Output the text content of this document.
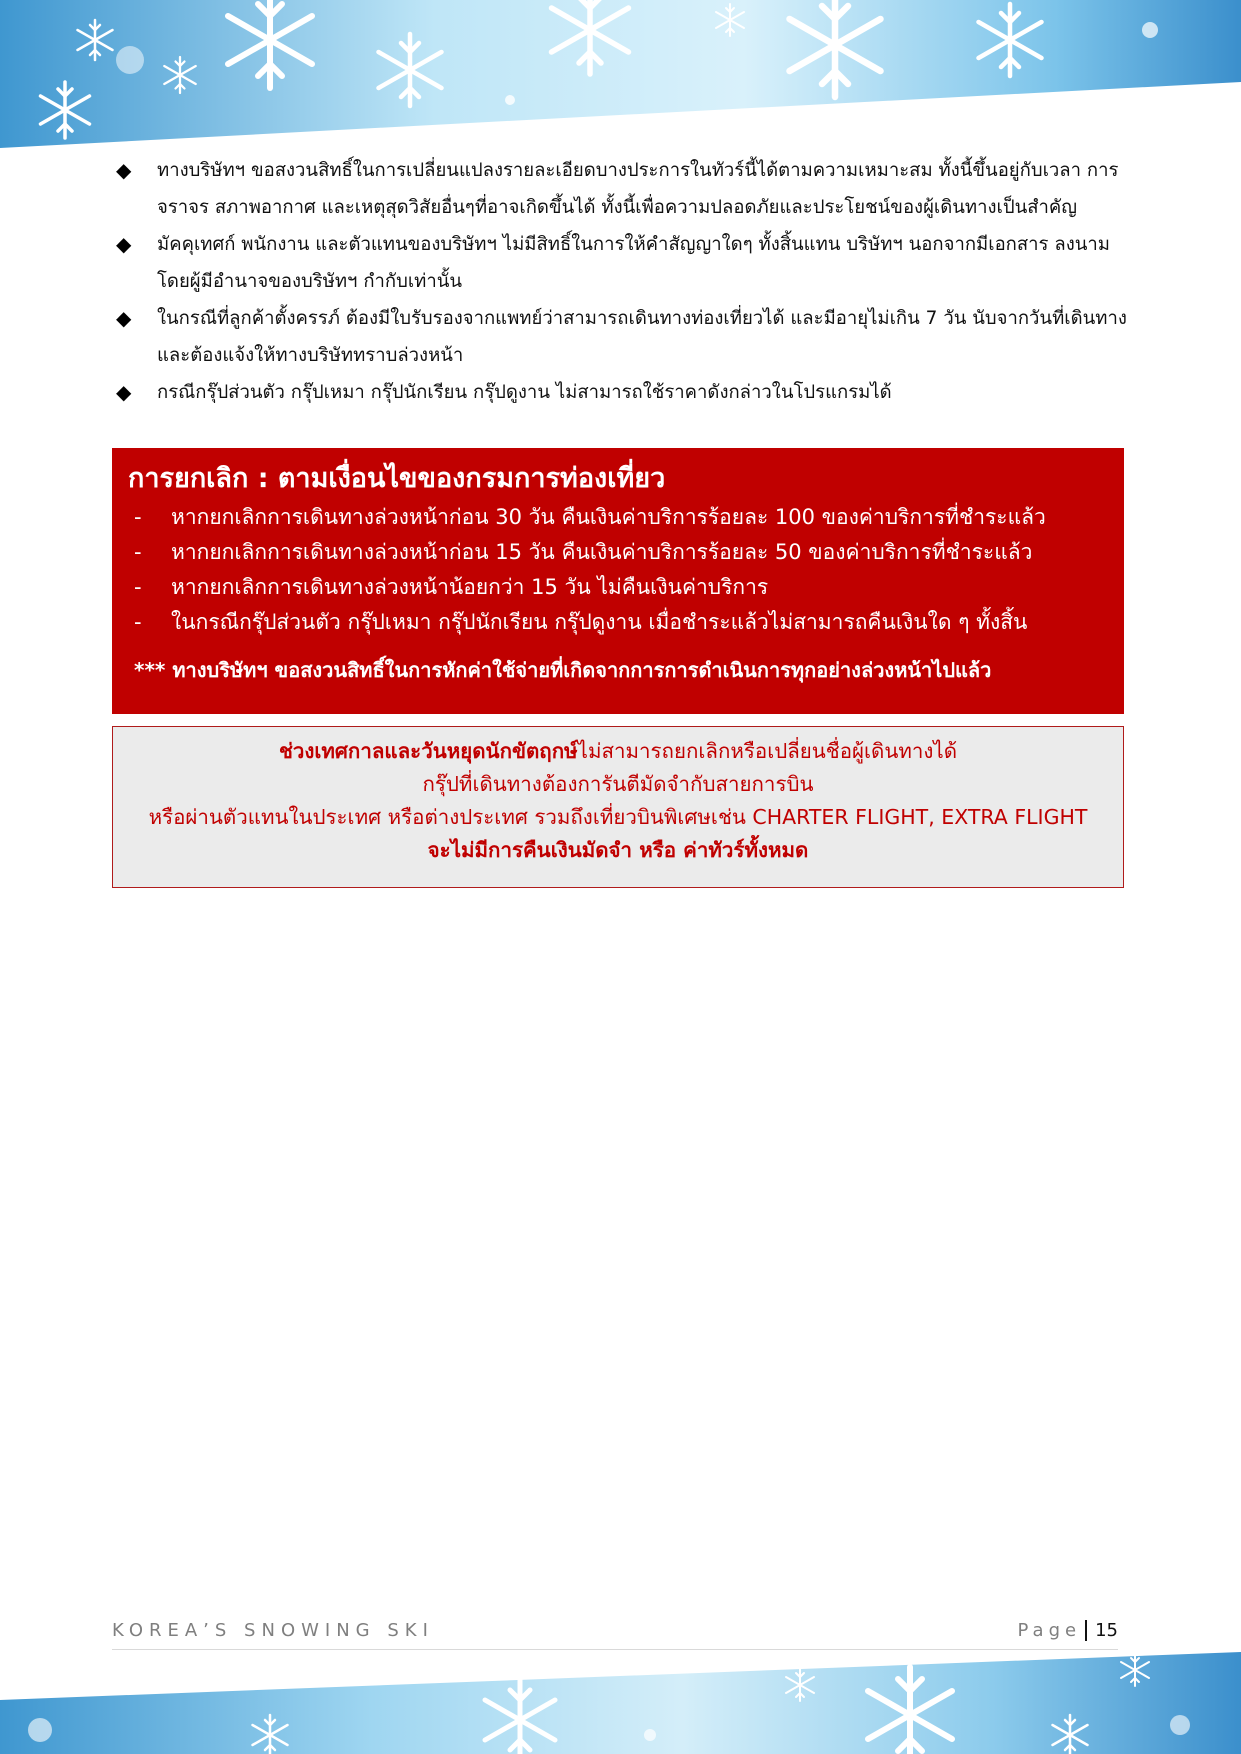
◆ ทางบริษัทฯ ขอสงวนสิทธิ์ในการเปลี่ยนแปลงรายละเอียดบางประการในทัวร์นี้ได้ตามความเหมาะสม ทั้งนี้ขึ้นอยู่กับเวลา การจราจร สภาพอากาศ และเหตุสุดวิสัยอื่นๆที่อาจเกิดขึ้นได้ ทั้งนี้เพื่อความปลอดภัยและประโยชน์ของผู้เดินทางเป็นสำคัญ
◆ มัคคุเทศก์ พนักงาน และตัวแทนของบริษัทฯ ไม่มีสิทธิ์ในการให้คำสัญญาใดๆ ทั้งสิ้นแทน บริษัทฯ นอกจากมีเอกสาร ลงนามโดยผู้มีอำนาจของบริษัทฯ กำกับเท่านั้น
◆ ในกรณีที่ลูกค้าตั้งครรภ์ ต้องมีใบรับรองจากแพทย์ว่าสามารถเดินทางท่องเที่ยวได้ และมีอายุไม่เกิน 7 วัน นับจากวันที่เดินทาง และต้องแจ้งให้ทางบริษัททราบล่วงหน้า
◆ กรณีกรุ๊ปส่วนตัว กรุ๊ปเหมา กรุ๊ปนักเรียน กรุ๊ปดูงาน ไม่สามารถใช้ราคาดังกล่าวในโปรแกรมได้
การยกเลิก : ตามเงื่อนไขของกรมการท่องเที่ยว
- หากยกเลิกการเดินทางล่วงหน้าก่อน 30 วัน คืนเงินค่าบริการร้อยละ 100 ของค่าบริการที่ชำระแล้ว
- หากยกเลิกการเดินทางล่วงหน้าก่อน 15 วัน คืนเงินค่าบริการร้อยละ 50 ของค่าบริการที่ชำระแล้ว
- หากยกเลิกการเดินทางล่วงหน้าน้อยกว่า 15 วัน ไม่คืนเงินค่าบริการ
- ในกรณีกรุ๊ปส่วนตัว กรุ๊ปเหมา กรุ๊ปนักเรียน กรุ๊ปดูงาน เมื่อชำระแล้วไม่สามารถคืนเงินใด ๆ ทั้งสิ้น
*** ทางบริษัทฯ ขอสงวนสิทธิ์ในการหักค่าใช้จ่ายที่เกิดจากการการดำเนินการทุกอย่างล่วงหน้าไปแล้ว
ช่วงเทศกาลและวันหยุดนักขัตฤกษ์ไม่สามารถยกเลิกหรือเปลี่ยนชื่อผู้เดินทางได้
กรุ๊ปที่เดินทางต้องการันตีมัดจำกับสายการบิน
หรือผ่านตัวแทนในประเทศ หรือต่างประเทศ รวมถึงเที่ยวบินพิเศษเช่น CHARTER FLIGHT, EXTRA FLIGHT
จะไม่มีการคืนเงินมัดจำ หรือ ค่าทัวร์ทั้งหมด
KOREA’S SNOWING SKI	Page 15
